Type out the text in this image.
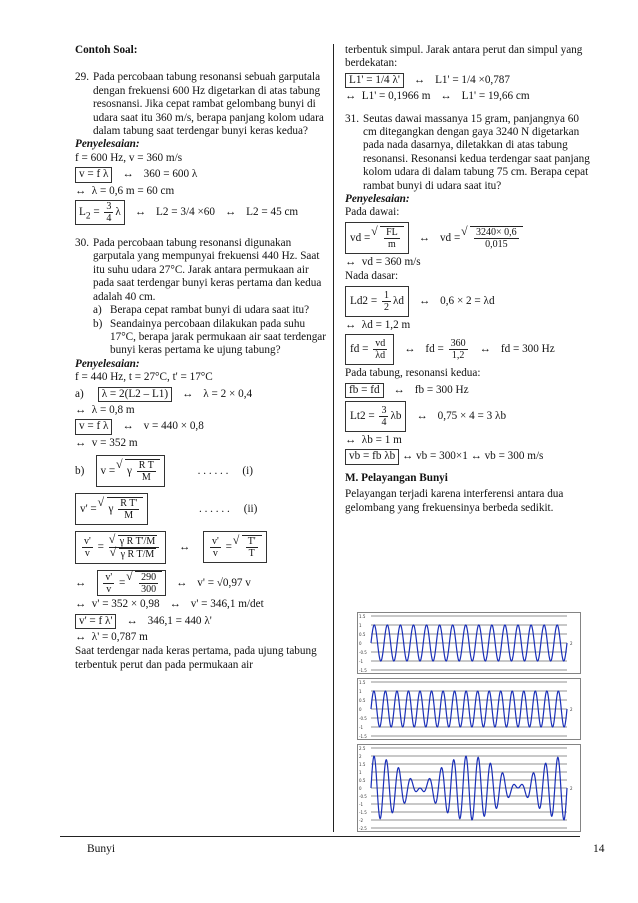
Contoh Soal:
29. Pada percobaan tabung resonansi sebuah garputala dengan frekuensi 600 Hz digetarkan di atas tabung resosnansi. Jika cepat rambat gelombang bunyi di udara saat itu 360 m/s, berapa panjang kolom udara dalam tabung saat terdengar bunyi keras kedua?
Penyelesaian:
f = 600 Hz, v = 360 m/s
v = f λ ↔ 360 = 600 λ
↔  λ = 0,6 m = 60 cm
$L_2 = \frac{3}{4}$ λ ↔ L2 = 3/4 ×60 ↔ L2 = 45 cm
30. Pada percobaan tabung resonansi digunakan garputala yang mempunyai frekuensi 440 Hz. Saat itu suhu udara 27°C. Jarak antara permukaan air pada saat terdengar bunyi keras pertama dan kedua adalah 40 cm.
a) Berapa cepat rambat bunyi di udara saat itu?
b) Seandainya percobaan dilakukan pada suhu 17°C, berapa jarak permukaan air saat terdengar bunyi keras pertama ke ujung tabung?
Penyelesaian:
f = 440 Hz, t = 27°C, t' = 17°C
a) λ = 2(L2 – L1) ↔ λ = 2 × 0,4
↔  λ = 0,8 m
v = f λ ↔ v = 440 × 0,8
↔  v = 352 m
b) v = √ γ $\frac{\text{R T}}{M}$	. . . . . . (i)
v' = √ γ $\frac{\text{R T'}}{M}$	. . . . . . (ii)
$\frac{v'}{v}$ = √ γ R T'/M
√ γ R T/M ↔ $\frac{v'}{v}$ = √ $\frac{T'}{T}$
↔ $\frac{v'}{v}$ = √ $\frac{290}{300}$ ↔ v' = √0,97 v
↔  v' = 352 × 0,98 ↔ v' = 346,1 m/det
v' = f λ' ↔ 346,1 = 440 λ'
↔  λ' = 0,787 m
Saat terdengar nada keras pertama, pada ujung tabung terbentuk perut dan pada permukaan air
terbentuk simpul. Jarak antara perut dan simpul yang berdekatan:
L1' = 1/4 λ' ↔ L1' = 1/4 ×0,787
↔  L1' = 0,1966 m ↔ L1' = 19,66 cm
31. Seutas dawai massanya 15 gram, panjangnya 60 cm ditegangkan dengan gaya 3240 N digetarkan pada nada dasarnya, diletakkan di atas tabung resonansi. Resonansi kedua terdengar saat panjang kolom udara di dalam tabung 75 cm. Berapa cepat rambat bunyi di udara saat itu?
Penyelesaian:
Pada dawai:
vd = √ $\frac{FL}{m}$ ↔ vd = √ $\frac{3240\times 0,6}{0,015}$
↔  vd = 360 m/s
Nada dasar:
$Ld2 = \frac{1}{2}$ λd ↔ 0,6 × 2 = λd
↔  λd = 1,2 m
fd = $\frac{vd}{\lambda d}$ ↔ fd = $\frac{360}{1,2}$ ↔ fd = 300 Hz
Pada tabung, resonansi kedua:
fb = fd ↔ fb = 300 Hz
$Lt2 = \frac{3}{4}$ λb ↔ 0,75 × 4 = 3 λb
↔  λb = 1 m
vb = fb λb ↔ vb = 300×1 ↔ vb = 300 m/s
M. Pelayangan Bunyi
Pelayangan terjadi karena interferensi antara dua gelombang yang frekuensinya berbeda sedikit.
1.5
1
0.5
0
-0.5
-1
-1.5
2
1.5
1
0.5
0
-0.5
-1
-1.5
2
2.5
2
1.5
1
0.5
0
-0.5
-1
-1.5
-2
-2.5
2
Bunyi	14
